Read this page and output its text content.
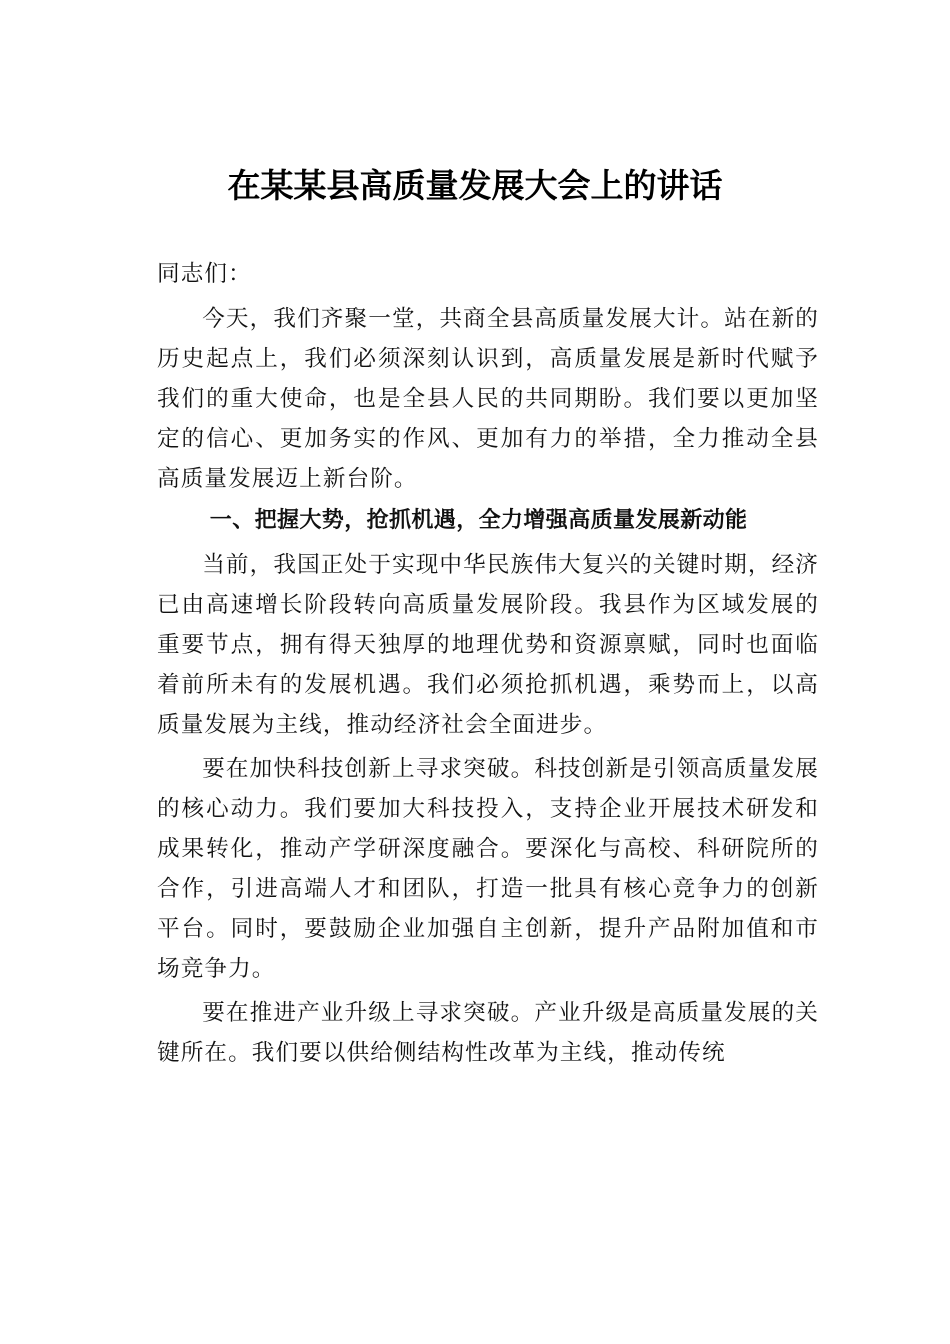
在某某县高质量发展大会上的讲话

同志们：

今天，我们齐聚一堂，共商全县高质量发展大计。站在新的历史起点上，我们必须深刻认识到，高质量发展是新时代赋予我们的重大使命，也是全县人民的共同期盼。我们要以更加坚定的信心、更加务实的作风、更加有力的举措，全力推动全县高质量发展迈上新台阶。

一、把握大势，抢抓机遇，全力增强高质量发展新动能

当前，我国正处于实现中华民族伟大复兴的关键时期，经济已由高速增长阶段转向高质量发展阶段。我县作为区域发展的重要节点，拥有得天独厚的地理优势和资源禀赋，同时也面临着前所未有的发展机遇。我们必须抢抓机遇，乘势而上，以高质量发展为主线，推动经济社会全面进步。

要在加快科技创新上寻求突破。科技创新是引领高质量发展的核心动力。我们要加大科技投入，支持企业开展技术研发和成果转化，推动产学研深度融合。要深化与高校、科研院所的合作，引进高端人才和团队，打造一批具有核心竞争力的创新平台。同时，要鼓励企业加强自主创新，提升产品附加值和市场竞争力。

要在推进产业升级上寻求突破。产业升级是高质量发展的关键所在。我们要以供给侧结构性改革为主线，推动传统
